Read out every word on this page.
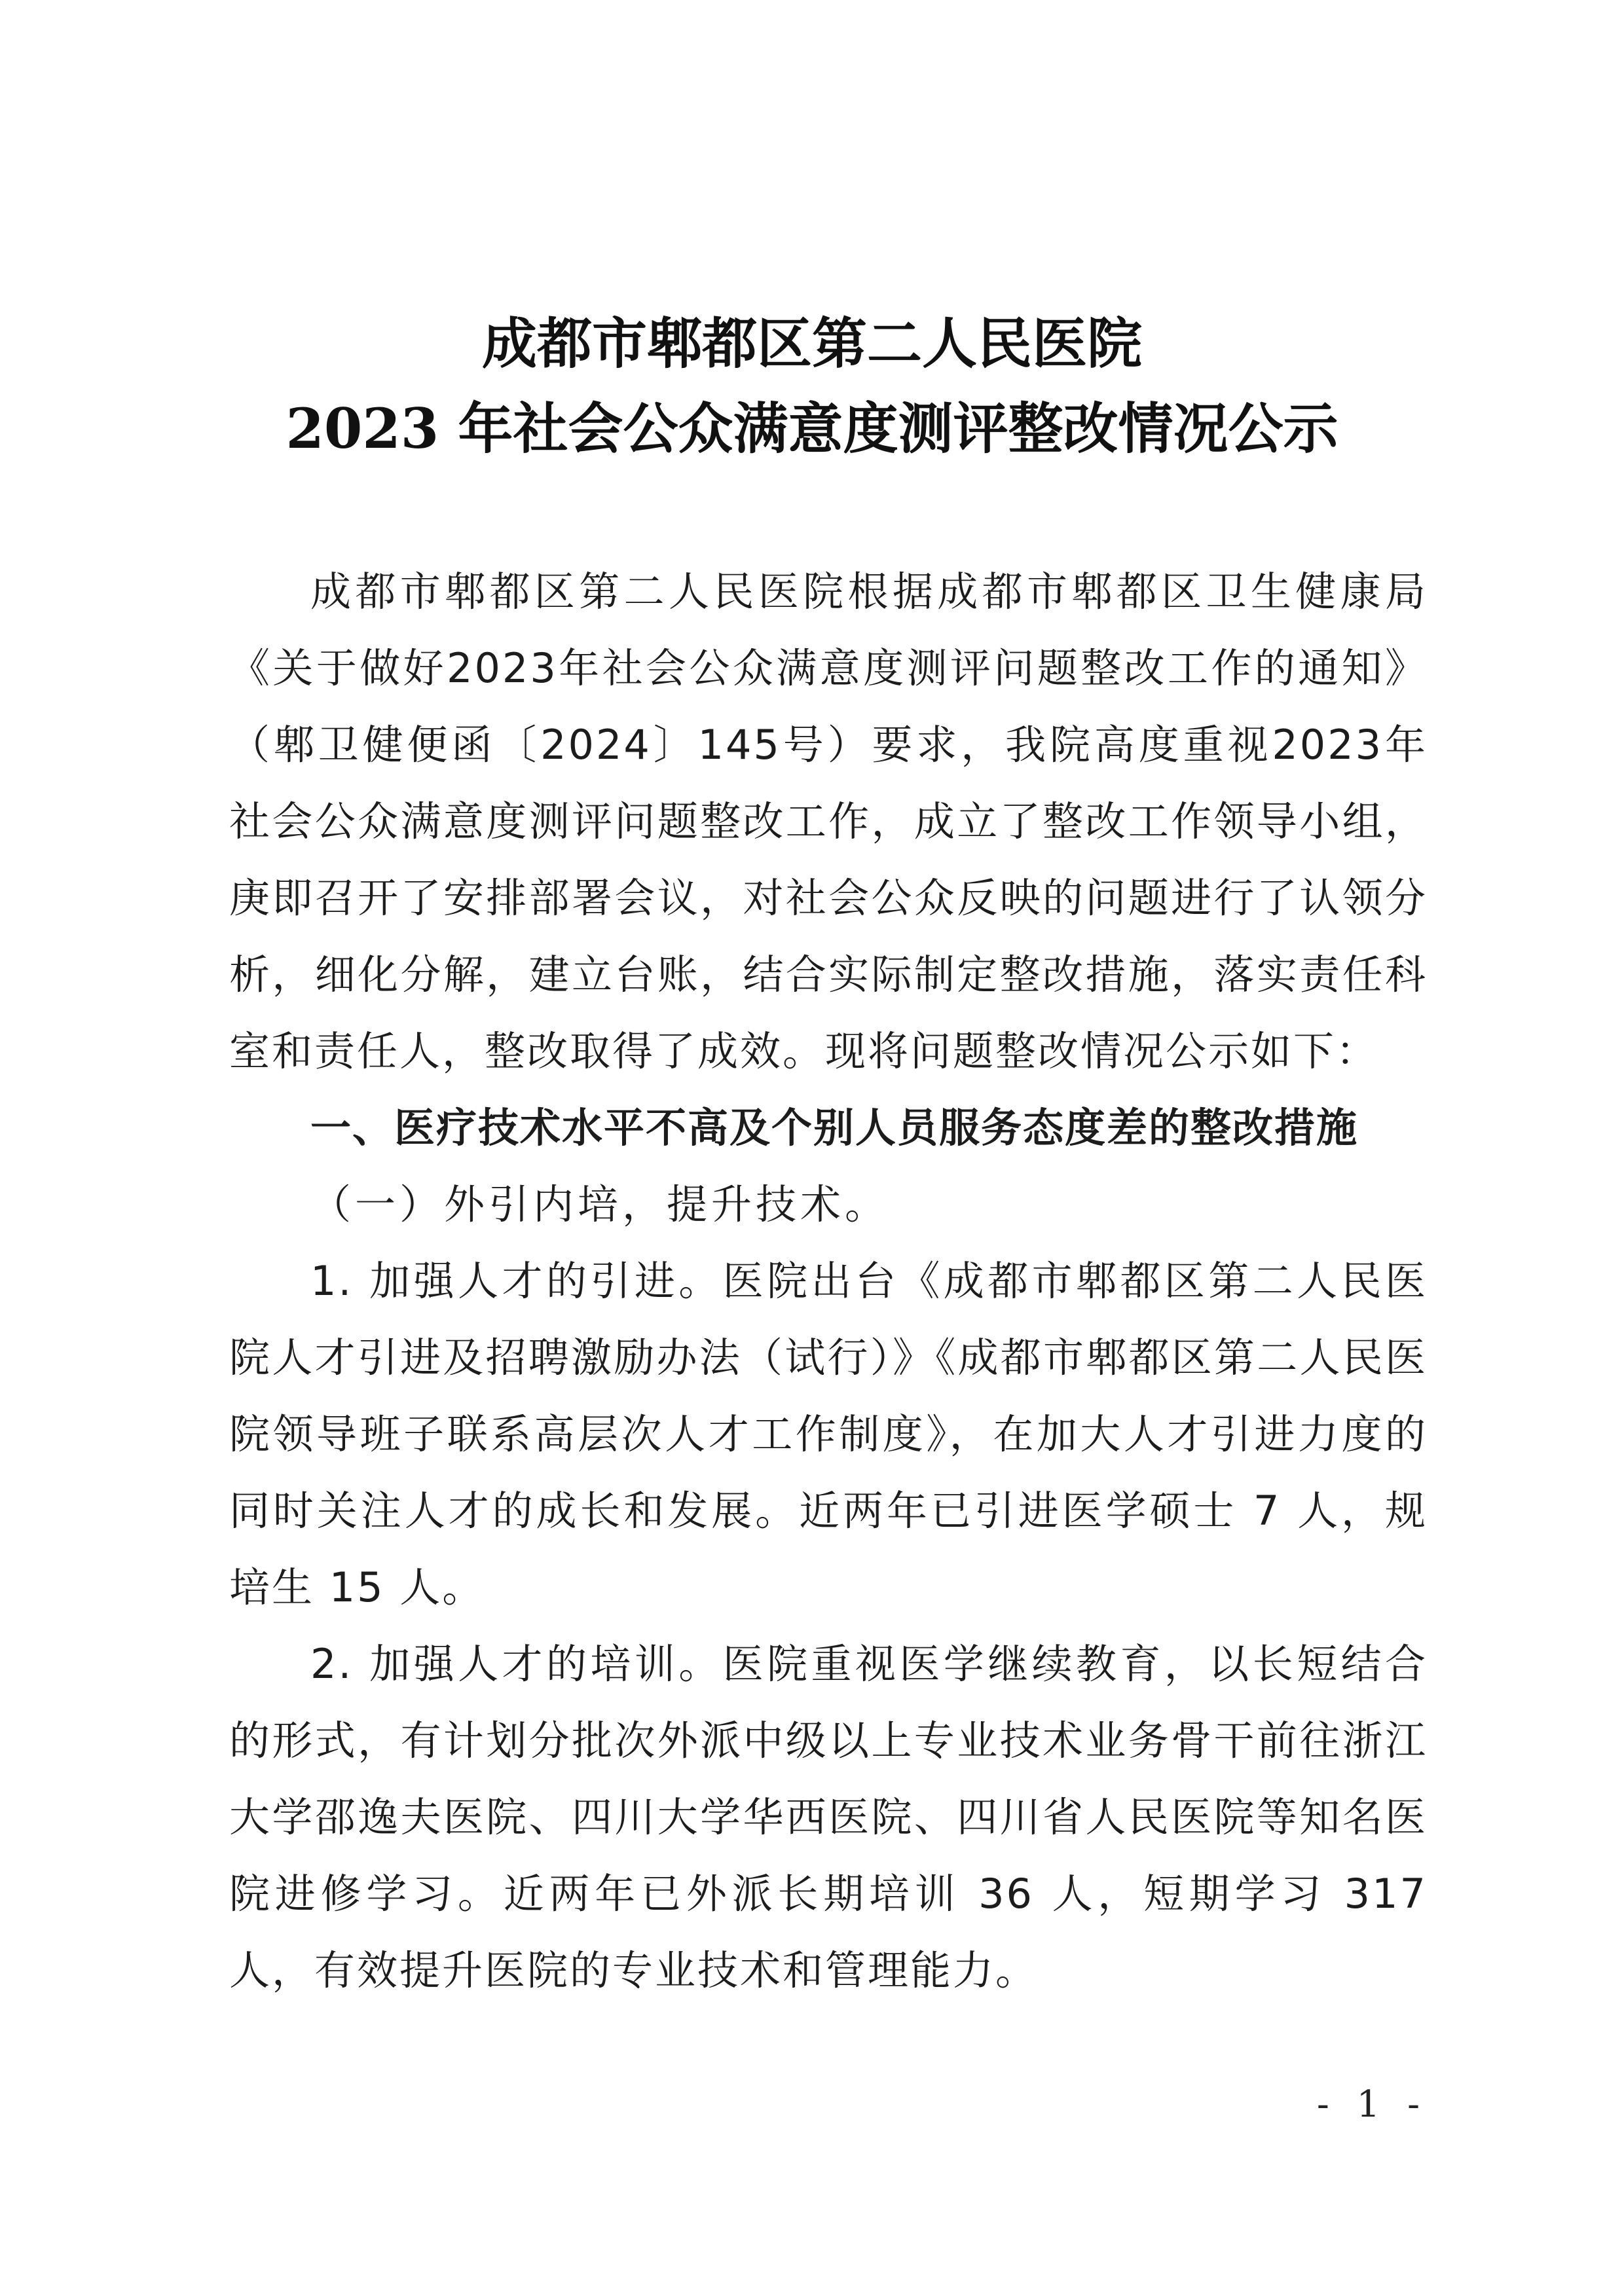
成都市郫都区第二人民医院
2023 年社会公众满意度测评整改情况公示

成都市郫都区第二人民医院根据成都市郫都区卫生健康局《关于做好2023年社会公众满意度测评问题整改工作的通知》（郫卫健便函〔2024〕145号）要求，我院高度重视2023年社会公众满意度测评问题整改工作，成立了整改工作领导小组，庚即召开了安排部署会议，对社会公众反映的问题进行了认领分析，细化分解，建立台账，结合实际制定整改措施，落实责任科室和责任人，整改取得了成效。现将问题整改情况公示如下：

一、医疗技术水平不高及个别人员服务态度差的整改措施

（一）外引内培，提升技术。

1. 加强人才的引进。医院出台《成都市郫都区第二人民医院人才引进及招聘激励办法（试行）》《成都市郫都区第二人民医院领导班子联系高层次人才工作制度》，在加大人才引进力度的同时关注人才的成长和发展。近两年已引进医学硕士 7 人，规培生 15 人。

2. 加强人才的培训。医院重视医学继续教育，以长短结合的形式，有计划分批次外派中级以上专业技术业务骨干前往浙江大学邵逸夫医院、四川大学华西医院、四川省人民医院等知名医院进修学习。近两年已外派长期培训 36 人，短期学习 317 人，有效提升医院的专业技术和管理能力。

- 1 -
